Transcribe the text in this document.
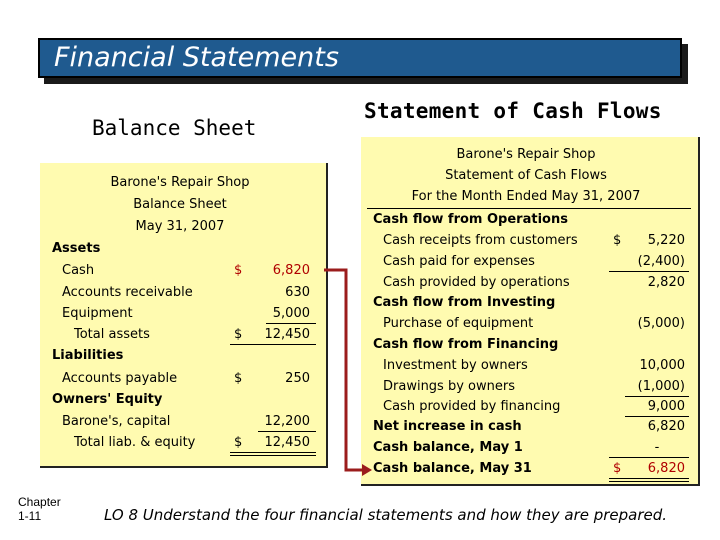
Financial Statements
Balance Sheet
Statement of Cash Flows
Barone's Repair Shop
Balance Sheet
May 31, 2007
Assets
Cash	$	6,820
Accounts receivable	630
Equipment	5,000
Total assets	$	12,450
Liabilities
Accounts payable	$	250
Owners' Equity
Barone's, capital	12,200
Total liab. & equity	$	12,450
Barone's Repair Shop
Statement of Cash Flows
For the Month Ended May 31, 2007
Cash flow from Operations
Cash receipts from customers	$	5,220
Cash paid for expenses	(2,400)
Cash provided by operations	2,820
Cash flow from Investing
Purchase of equipment	(5,000)
Cash flow from Financing
Investment by owners	10,000
Drawings by owners	(1,000)
Cash provided by financing	9,000
Net increase in cash	6,820
Cash balance, May 1	-
Cash balance, May 31	$	6,820
Chapter
1-11	LO 8 Understand the four financial statements and how they are prepared.
